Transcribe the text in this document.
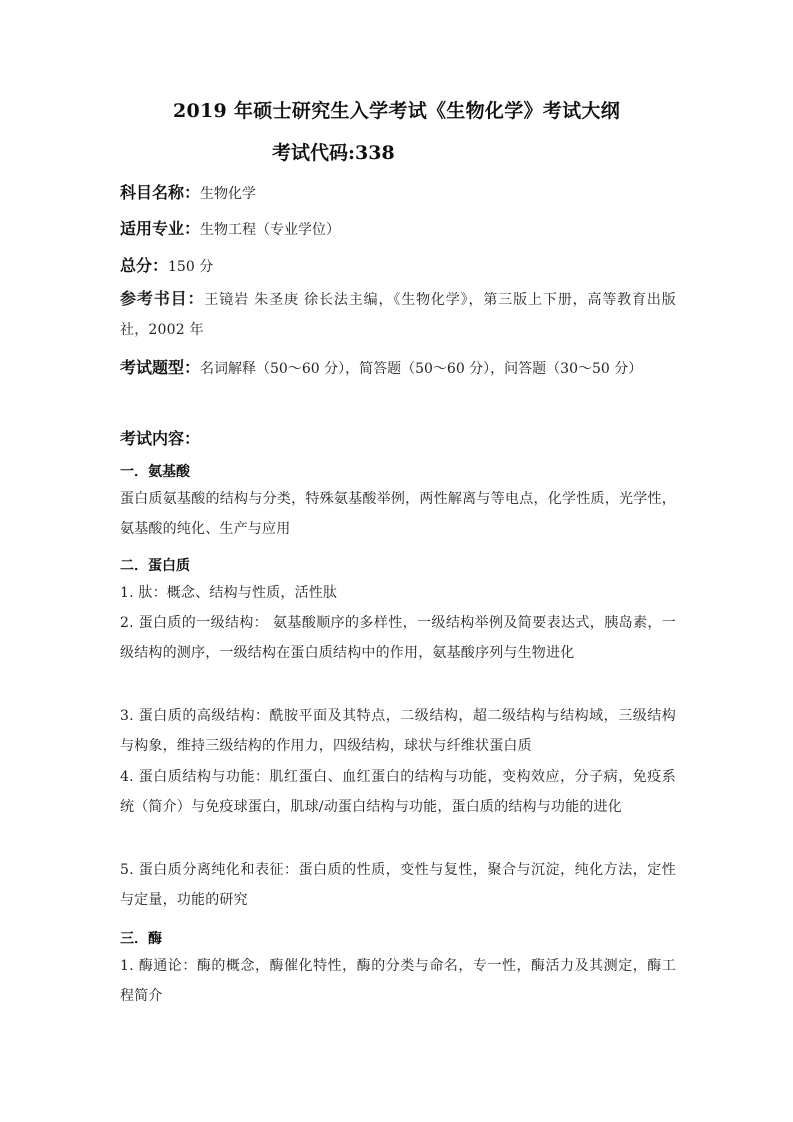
2019 年硕士研究生入学考试《生物化学》考试大纲
考试代码:338
科目名称：生物化学
适用专业：生物工程（专业学位）
总分：150 分
参考书目：王镜岩 朱圣庚 徐长法主编，《生物化学》，第三版上下册，高等教育出版社，2002 年
考试题型：名词解释（50～60 分），简答题（50～60 分），问答题（30～50 分）
考试内容：
一．氨基酸
蛋白质氨基酸的结构与分类，特殊氨基酸举例，两性解离与等电点，化学性质，光学性，氨基酸的纯化、生产与应用
二．蛋白质
1. 肽：概念、结构与性质，活性肽
2. 蛋白质的一级结构： 氨基酸顺序的多样性，一级结构举例及简要表达式，胰岛素，一级结构的测序，一级结构在蛋白质结构中的作用，氨基酸序列与生物进化
3. 蛋白质的高级结构：酰胺平面及其特点，二级结构，超二级结构与结构域，三级结构与构象，维持三级结构的作用力，四级结构，球状与纤维状蛋白质
4. 蛋白质结构与功能：肌红蛋白、血红蛋白的结构与功能，变构效应，分子病，免疫系统（简介）与免疫球蛋白，肌球/动蛋白结构与功能，蛋白质的结构与功能的进化
5. 蛋白质分离纯化和表征：蛋白质的性质，变性与复性，聚合与沉淀，纯化方法，定性与定量，功能的研究
三．酶
1. 酶通论：酶的概念，酶催化特性，酶的分类与命名，专一性，酶活力及其测定，酶工程简介
